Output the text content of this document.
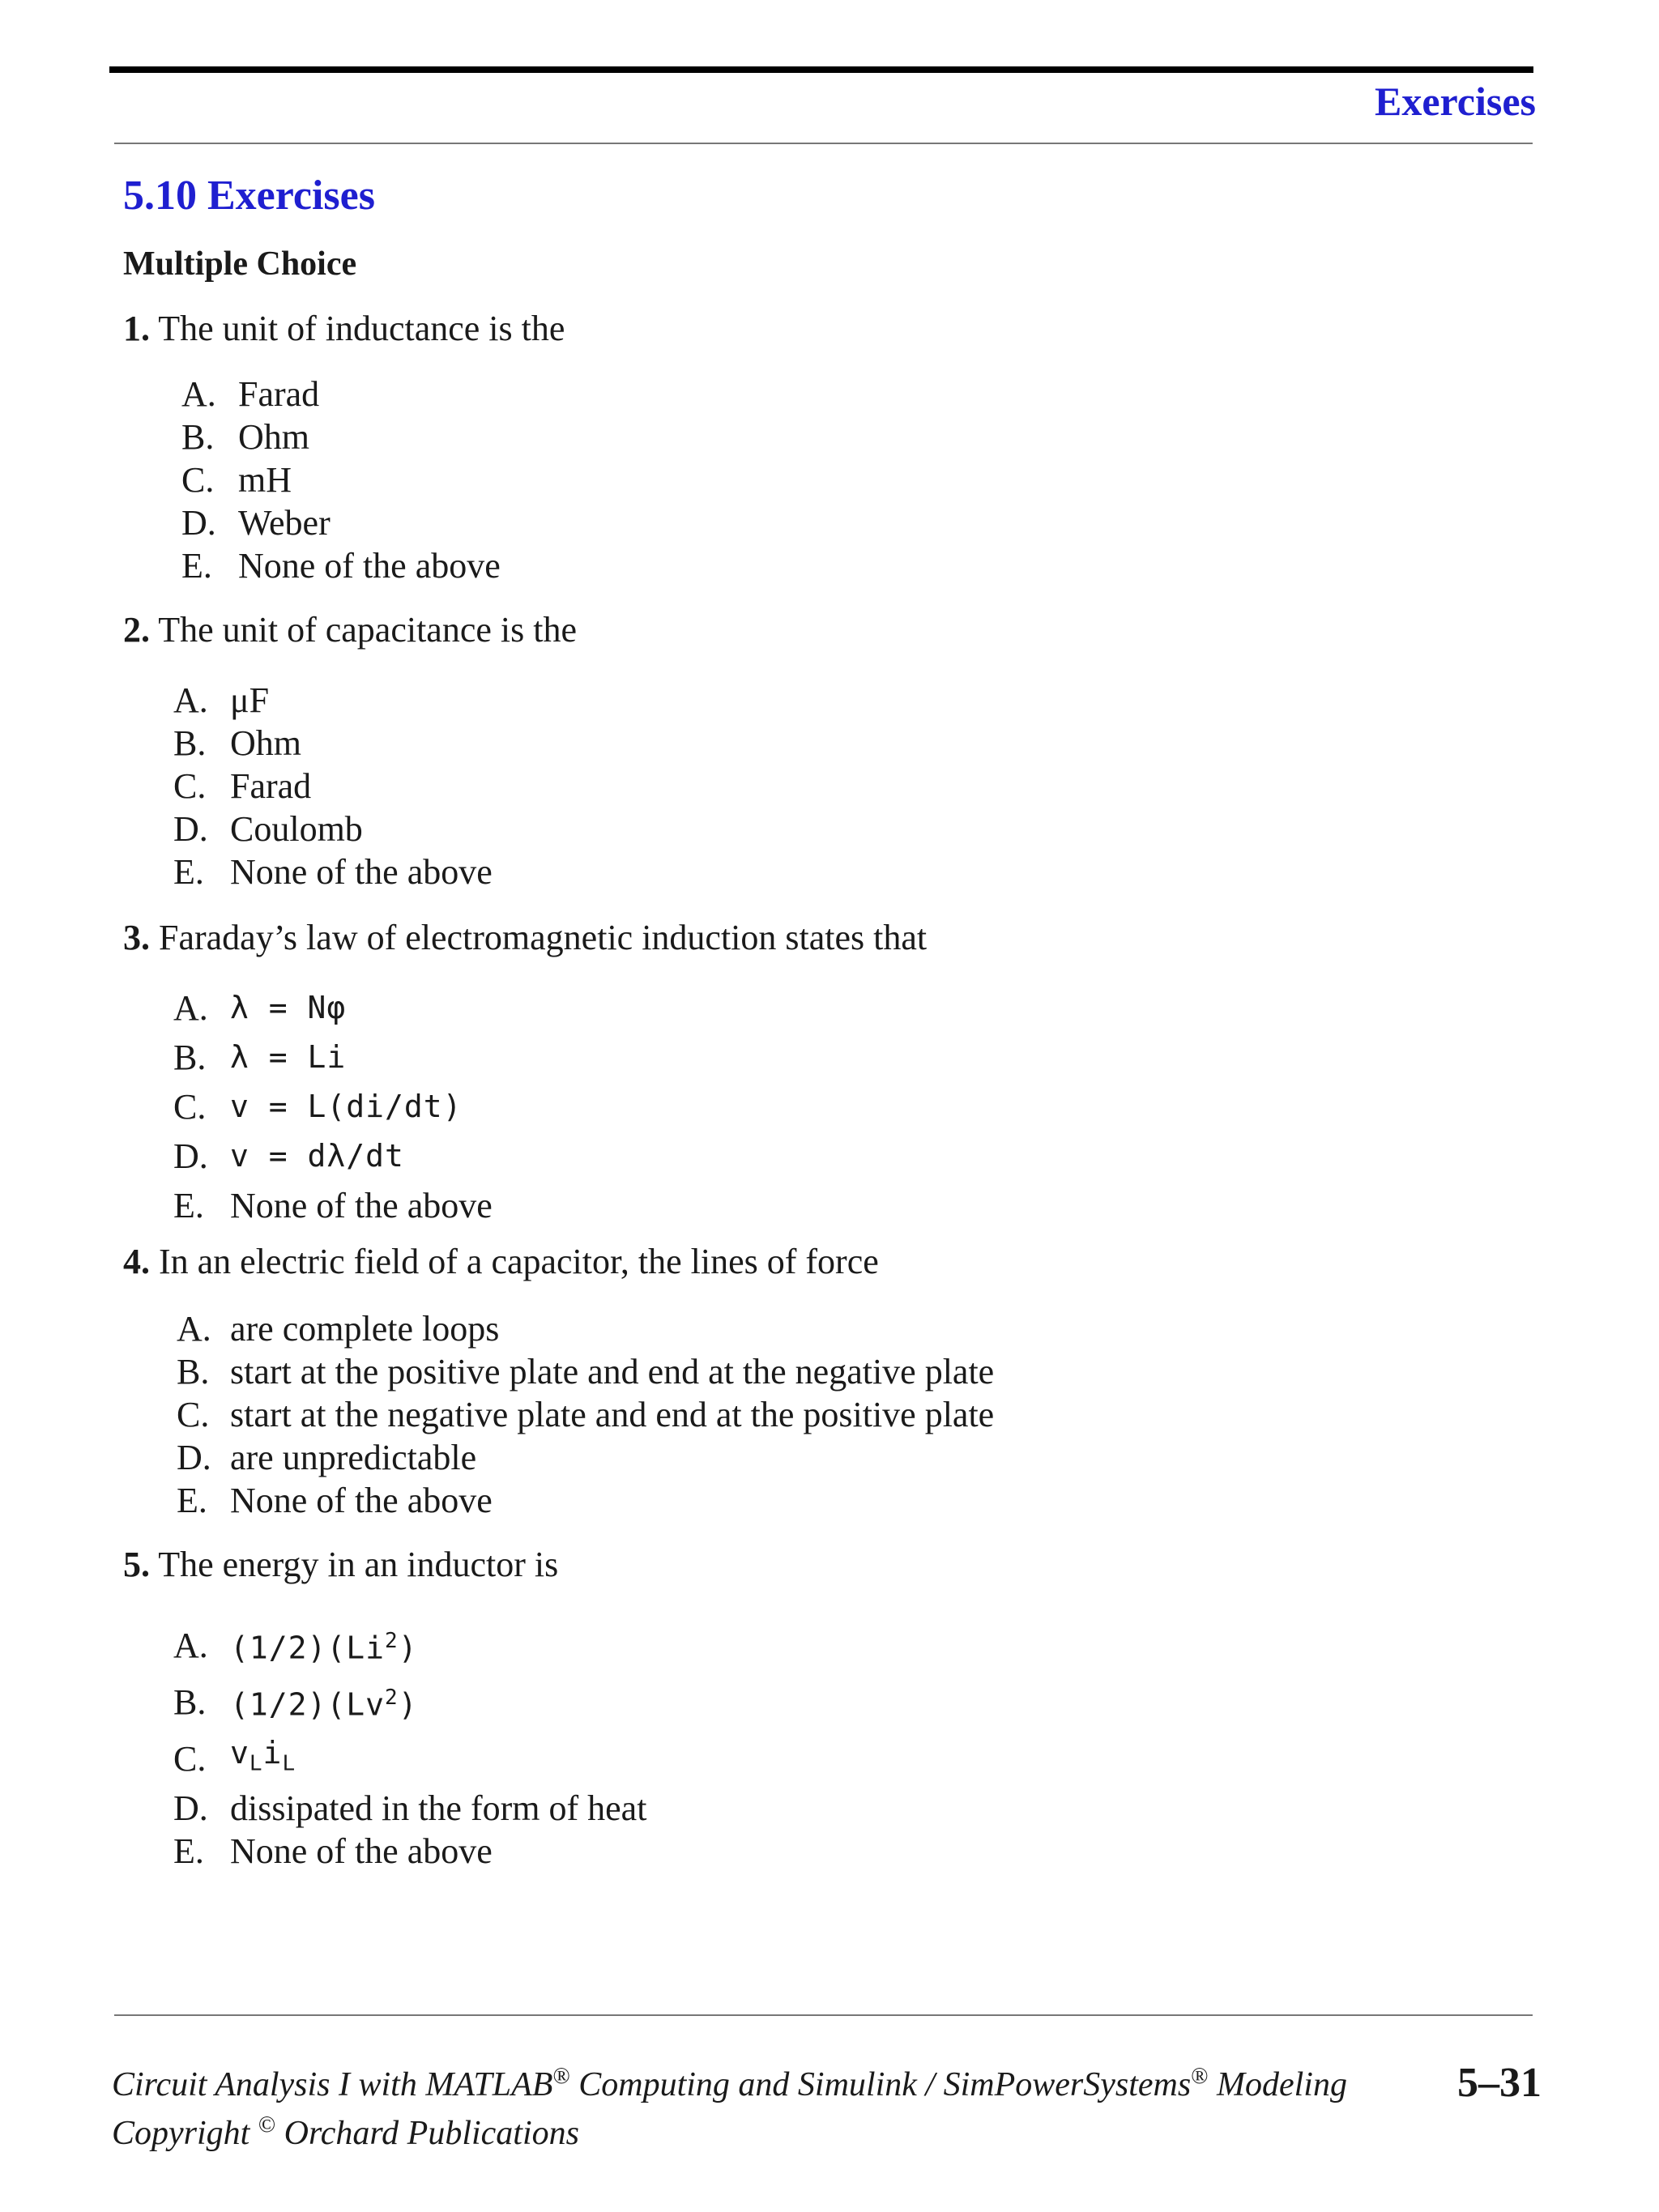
Exercises
5.10 Exercises
Multiple Choice
1. The unit of inductance is the
A. Farad
B. Ohm
C. mH
D. Weber
E. None of the above
2. The unit of capacitance is the
A. μF
B. Ohm
C. Farad
D. Coulomb
E. None of the above
3. Faraday’s law of electromagnetic induction states that
A. λ = Nφ
B. λ = Li
C. v = L(di/dt)
D. v = dλ/dt
E. None of the above
4. In an electric field of a capacitor, the lines of force
A. are complete loops
B. start at the positive plate and end at the negative plate
C. start at the negative plate and end at the positive plate
D. are unpredictable
E. None of the above
5. The energy in an inductor is
A. (1/2)(Li$^2$)
B. (1/2)(Lv$^2$)
C. $v_Li_L$
D. dissipated in the form of heat
E. None of the above
Circuit Analysis I with MATLAB® Computing and Simulink / SimPowerSystems® Modeling
Copyright © Orchard Publications
5–31
